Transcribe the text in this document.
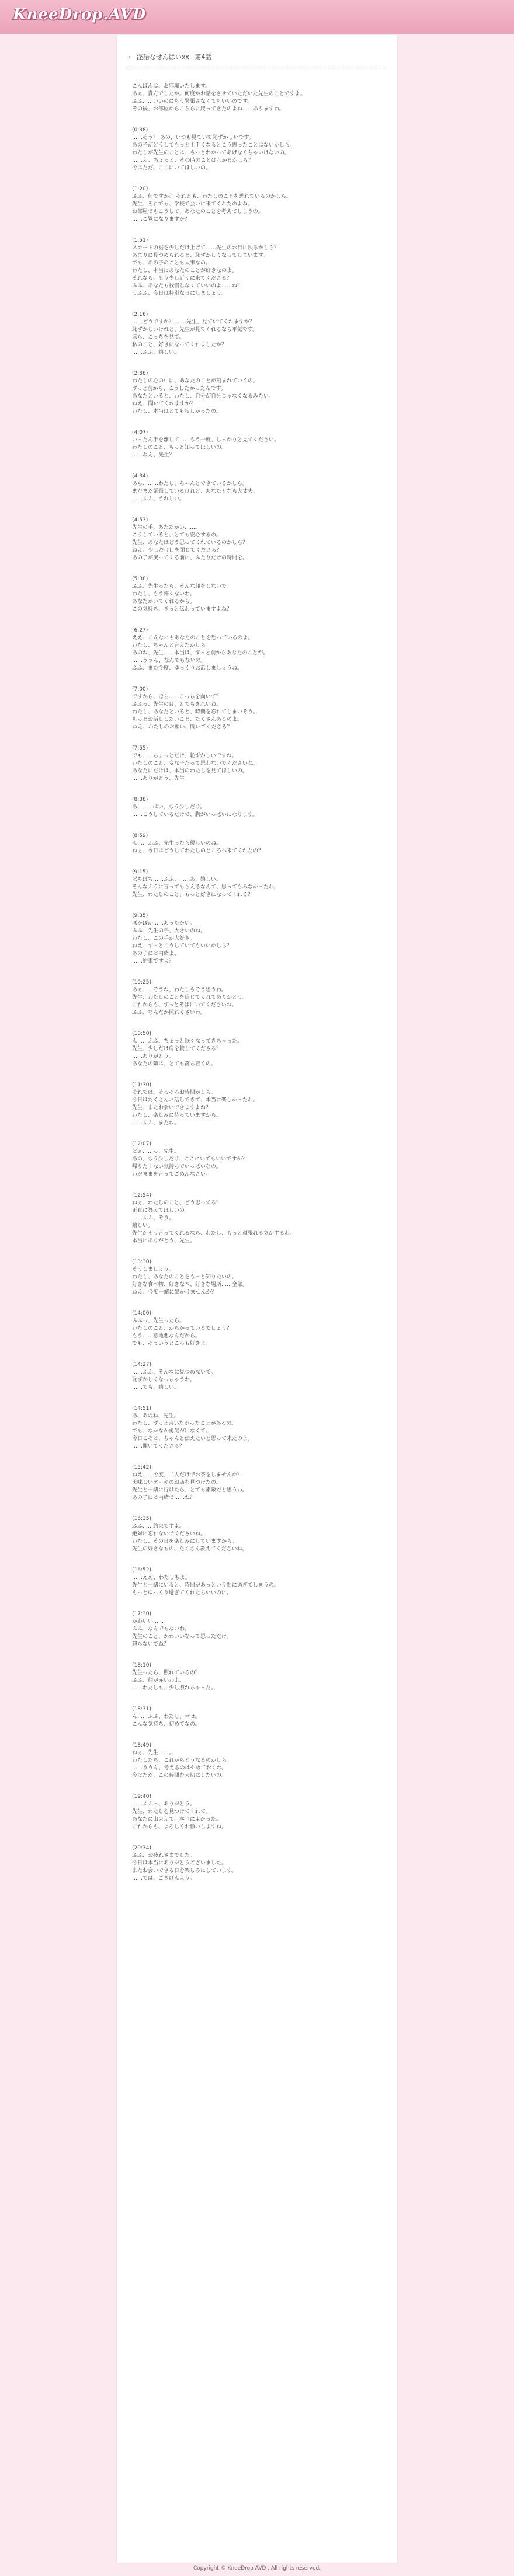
KneeDrop.AVD
› 淫語なせんぱいxx 第4話

こんばんは、お邪魔いたします。

あぁ、貴方でしたか。何度かお話をさせていただいた先生のことですよ。

ふふ……いいのにもう緊張さなくてもいいのです。

その後、お部屋からこちらに戻ってきたのよね……ありますわ。

(0:38)

……そう？ あの、いつも見ていて恥ずかしいです。

あの子がどうしてもっと上手くなるとこう思ったことはないかしら。

わたしが先生のことは、もっとわかってあげなくちゃいけないの。

……え、ちょっと、その時のことはわかるかしら？

今はただ、ここにいてほしいの。

(1:20)

ふふ、何ですか？ それとも、わたしのことを恐れているのかしら。

先生、それでも、学校で会いに来てくれたのよね。

お部屋でもこうして、あなたのことを考えてしまうの。

……ご覧になりますか？

(1:51)

スカートの裾を少しだけ上げて……先生のお目に映るかしら？

あまりに見つめられると、恥ずかしくなってしまいます。

でも、あの子のことも大事なの。

わたし、本当にあなたのことが好きなのよ。

それなら、もう少し近くに来てくださる？

ふふ、あなたも我慢しなくていいのよ……ね？

うふふ、今日は特別な日にしましょう。

(2:16)

……どうですか？ ……先生、見ていてくれますか？

恥ずかしいけれど、先生が見てくれるなら平気です。

ほら、こっちを見て。

私のこと、好きになってくれましたか？

……ふふ、嬉しい。

(2:36)

わたしの心の中に、あなたのことが刻まれていくの。

ずっと前から、こうしたかったんです。

あなたといると、わたし、自分が自分じゃなくなるみたい。

ねえ、聞いてくれますか？

わたし、本当はとても寂しかったの。

(4:07)

いったん手を離して……もう一度、しっかりと見てください。

わたしのこと、もっと知ってほしいの。

……ねえ、先生？

(4:34)

あら、……わたし、ちゃんとできているかしら。

まだまだ緊張しているけれど、あなたとなら大丈夫。

……ふふ、うれしい。

(4:53)

先生の手、あたたかい……。

こうしていると、とても安心するの。

先生、あなたはどう思ってくれているのかしら？

ねえ、少しだけ目を閉じてくださる？

あの子が戻ってくる前に、ふたりだけの時間を。

(5:38)

ふふ、先生ったら、そんな顔をしないで。

わたし、もう怖くないわ。

あなたがいてくれるから。

この気持ち、きっと伝わっていますよね？

(6:27)

ええ、こんなにもあなたのことを想っているのよ。

わたし、ちゃんと言えたかしら。

あのね、先生……本当は、ずっと前からあなたのことが。

……ううん、なんでもないの。

ふふ、また今度、ゆっくりお話しましょうね。

(7:00)

ですから、ほら……こっちを向いて？

ふふっ、先生の目、とてもきれいね。

わたし、あなたといると、時間を忘れてしまいそう。

もっとお話ししたいこと、たくさんあるのよ。

ねえ、わたしのお願い、聞いてくださる？

(7:55)

でも……ちょっとだけ、恥ずかしいですね。

わたしのこと、変な子だって思わないでくださいね。

あなたにだけは、本当のわたしを見てほしいの。

……ありがとう、先生。

(8:38)

あ、……はい、もう少しだけ。

……こうしているだけで、胸がいっぱいになります。

(8:59)

ん……ふふ、先生ったら優しいのね。

ねぇ、今日はどうしてわたしのところへ来てくれたの？

(9:15)

ぱちぱち……ふふ、……あ、嬉しい。

そんなふうに言ってもらえるなんて、思ってもみなかったわ。

先生、わたしのこと、もっと好きになってくれる？

(9:35)

ぽかぽか……あったかい。

ふふ、先生の手、大きいのね。

わたし、この手が大好き。

ねえ、ずっとこうしていてもいいかしら？

あの子には内緒よ。

……約束ですよ？

(10:25)

あぁ……そうね、わたしもそう思うわ。

先生、わたしのことを信じてくれてありがとう。

これからも、ずっとそばにいてくださいね。

ふふ、なんだか照れくさいわ。

(10:50)

ん……ふふ、ちょっと眠くなってきちゃった。

先生、少しだけ肩を貸してくださる？

……ありがとう。

あなたの隣は、とても落ち着くの。

(11:30)

それでは、そろそろお時間かしら。

今日はたくさんお話しできて、本当に楽しかったわ。

先生、またお会いできますよね？

わたし、楽しみに待っていますから。

……ふふ、またね。

(12:07)

はぁ……っ、先生。

あの、もう少しだけ、ここにいてもいいですか？

帰りたくない気持ちでいっぱいなの。

わがままを言ってごめんなさい。

(12:54)

ねぇ、わたしのこと、どう思ってる？

正直に答えてほしいの。

……ふふ、そう。

嬉しい。

先生がそう言ってくれるなら、わたし、もっと頑張れる気がするわ。

本当にありがとう、先生。

(13:30)

そうしましょう。

わたし、あなたのことをもっと知りたいの。

好きな食べ物、好きな本、好きな場所……全部。

ねえ、今度一緒に出かけませんか？

(14:00)

ふふっ、先生ったら。

わたしのこと、からかっているでしょう？

もう……意地悪なんだから。

でも、そういうところも好きよ。

(14:27)

……ふふ、そんなに見つめないで。

恥ずかしくなっちゃうわ。

……でも、嬉しい。

(14:51)

あ、あのね、先生。

わたし、ずっと言いたかったことがあるの。

でも、なかなか勇気が出なくて。

今日こそは、ちゃんと伝えたいと思って来たのよ。

……聞いてくださる？

(15:42)

ねえ……今度、二人だけでお茶をしませんか？

美味しいケーキのお店を見つけたの。

先生と一緒に行けたら、とても素敵だと思うわ。

あの子には内緒で……ね？

(16:35)

ふふ……約束ですよ。

絶対に忘れないでくださいね。

わたし、その日を楽しみにしていますから。

先生の好きなもの、たくさん教えてくださいね。

(16:52)

……ええ、わたしもよ。

先生と一緒にいると、時間があっという間に過ぎてしまうの。

もっとゆっくり過ぎてくれたらいいのに。

(17:30)

かわいい……。

ふふ、なんでもないわ。

先生のこと、かわいいなって思っただけ。

怒らないでね？

(18:10)

先生ったら、照れているの？

ふふ、顔が赤いわよ。

……わたしも、少し照れちゃった。

(18:31)

ん……ふふ、わたし、幸せ。

こんな気持ち、初めてなの。

(18:49)

ねぇ、先生……。

わたしたち、これからどうなるのかしら。

……ううん、考えるのはやめておくわ。

今はただ、この時間を大切にしたいの。

(19:40)

……ふふっ、ありがとう。

先生、わたしを見つけてくれて。

あなたに出会えて、本当によかった。

これからも、よろしくお願いしますね。

(20:34)

ふふ、お疲れさまでした。

今日は本当にありがとうございました。

またお会いできる日を楽しみにしています。

……では、ごきげんよう。

Copyright © KneeDrop AVD , All rights reserved.
